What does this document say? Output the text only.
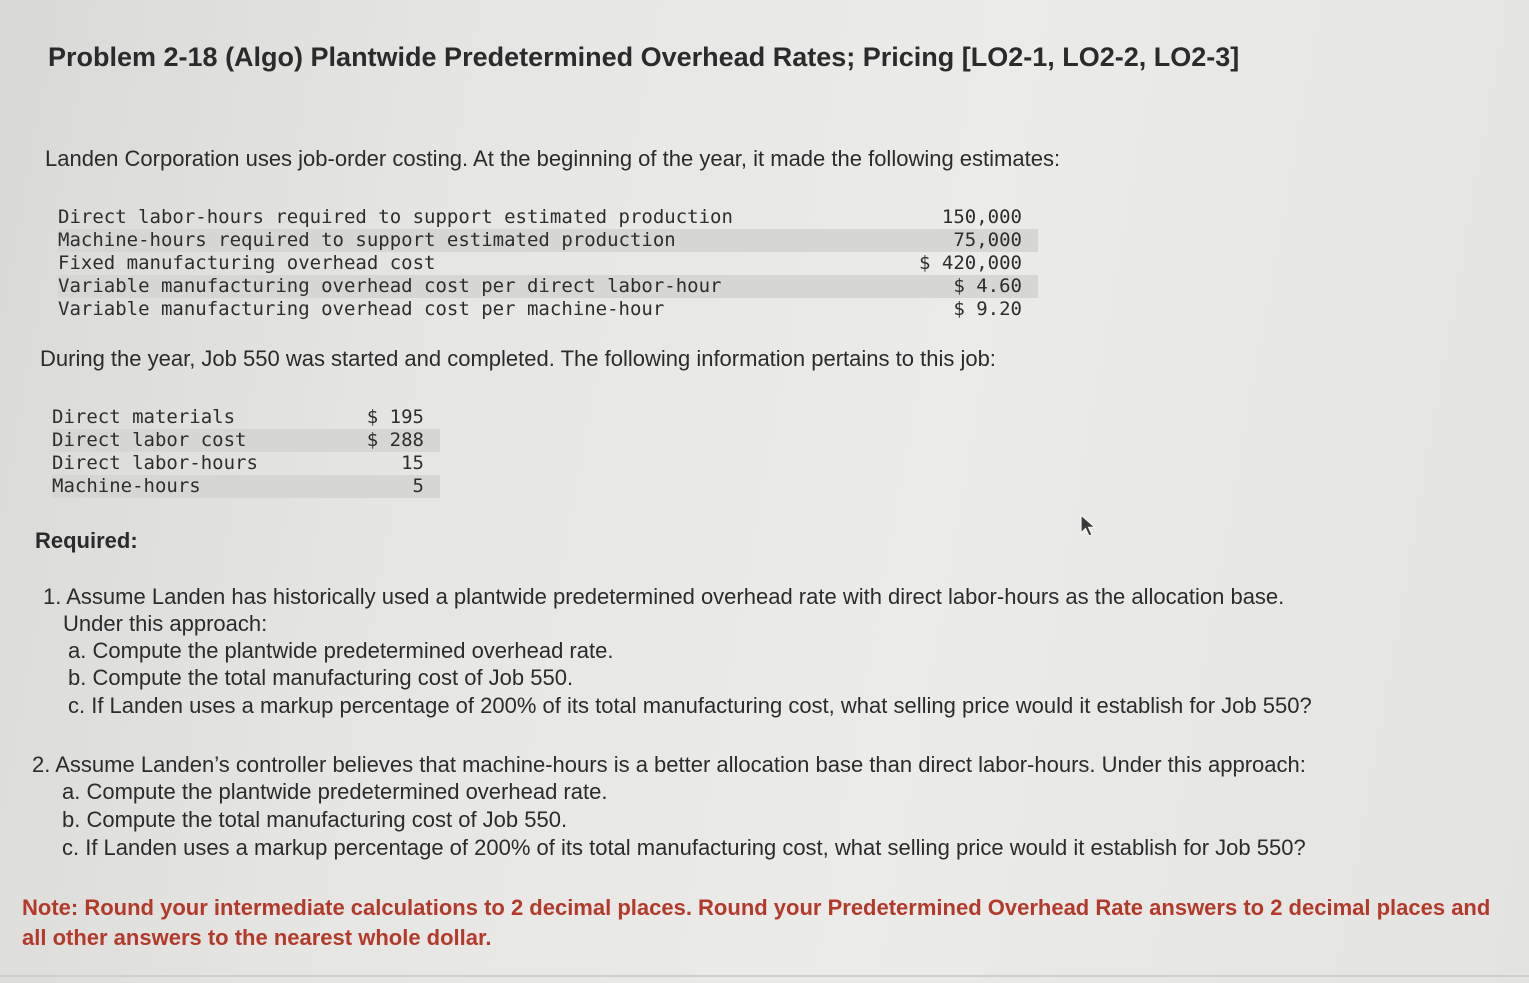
Problem 2-18 (Algo) Plantwide Predetermined Overhead Rates; Pricing [LO2-1, LO2-2, LO2-3]
Landen Corporation uses job-order costing. At the beginning of the year, it made the following estimates:
Direct labor-hours required to support estimated production	150,000
Machine-hours required to support estimated production	75,000
Fixed manufacturing overhead cost	$ 420,000
Variable manufacturing overhead cost per direct labor-hour	$ 4.60
Variable manufacturing overhead cost per machine-hour	$ 9.20
During the year, Job 550 was started and completed. The following information pertains to this job:
Direct materials	$ 195
Direct labor cost	$ 288
Direct labor-hours	15
Machine-hours	5
Required:
1. Assume Landen has historically used a plantwide predetermined overhead rate with direct labor-hours as the allocation base.
Under this approach:
a. Compute the plantwide predetermined overhead rate.
b. Compute the total manufacturing cost of Job 550.
c. If Landen uses a markup percentage of 200% of its total manufacturing cost, what selling price would it establish for Job 550?
2. Assume Landen’s controller believes that machine-hours is a better allocation base than direct labor-hours. Under this approach:
a. Compute the plantwide predetermined overhead rate.
b. Compute the total manufacturing cost of Job 550.
c. If Landen uses a markup percentage of 200% of its total manufacturing cost, what selling price would it establish for Job 550?
Note: Round your intermediate calculations to 2 decimal places. Round your Predetermined Overhead Rate answers to 2 decimal places and all other answers to the nearest whole dollar.
